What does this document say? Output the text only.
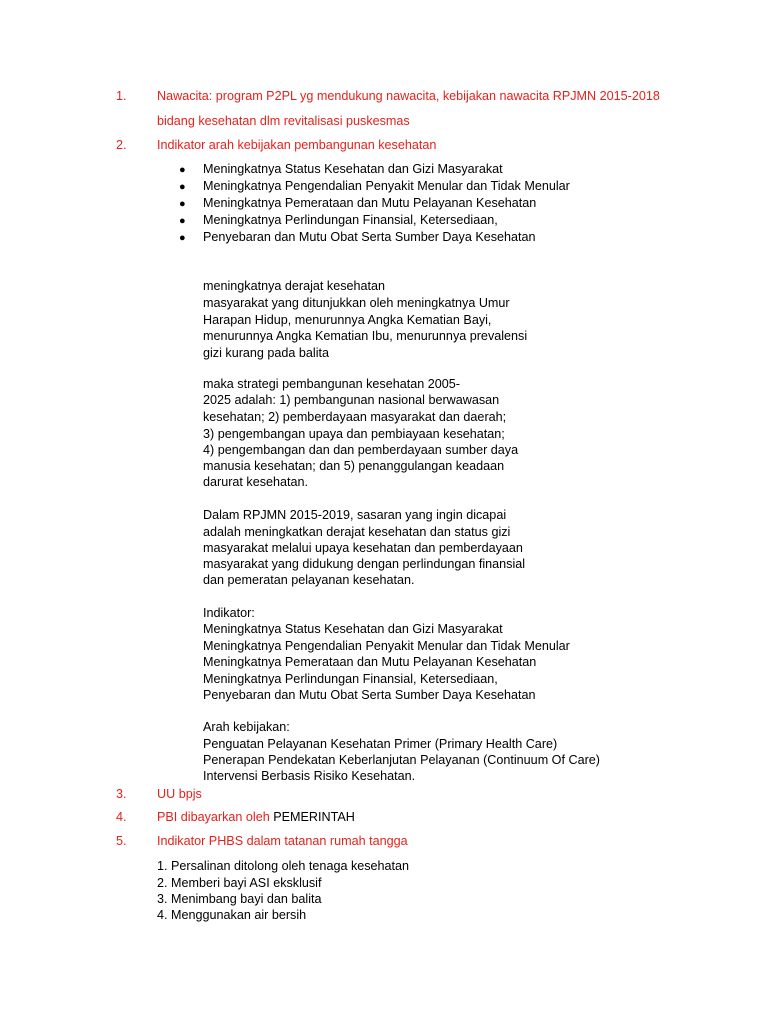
1. Nawacita: program P2PL yg mendukung nawacita, kebijakan nawacita RPJMN 2015-2018
bidang kesehatan dlm revitalisasi puskesmas
2. Indikator arah kebijakan pembangunan kesehatan
● Meningkatnya Status Kesehatan dan Gizi Masyarakat
● Meningkatnya Pengendalian Penyakit Menular dan Tidak Menular
● Meningkatnya Pemerataan dan Mutu Pelayanan Kesehatan
● Meningkatnya Perlindungan Finansial, Ketersediaan,
● Penyebaran dan Mutu Obat Serta Sumber Daya Kesehatan
meningkatnya derajat kesehatan
masyarakat yang ditunjukkan oleh meningkatnya Umur
Harapan Hidup, menurunnya Angka Kematian Bayi,
menurunnya Angka Kematian Ibu, menurunnya prevalensi
gizi kurang pada balita
maka strategi pembangunan kesehatan 2005-
2025 adalah: 1) pembangunan nasional berwawasan
kesehatan; 2) pemberdayaan masyarakat dan daerah;
3) pengembangan upaya dan pembiayaan kesehatan;
4) pengembangan dan dan pemberdayaan sumber daya
manusia kesehatan; dan 5) penanggulangan keadaan
darurat kesehatan.
Dalam RPJMN 2015-2019, sasaran yang ingin dicapai
adalah meningkatkan derajat kesehatan dan status gizi
masyarakat melalui upaya kesehatan dan pemberdayaan
masyarakat yang didukung dengan perlindungan finansial
dan pemeratan pelayanan kesehatan.
Indikator:
Meningkatnya Status Kesehatan dan Gizi Masyarakat
Meningkatnya Pengendalian Penyakit Menular dan Tidak Menular
Meningkatnya Pemerataan dan Mutu Pelayanan Kesehatan
Meningkatnya Perlindungan Finansial, Ketersediaan,
Penyebaran dan Mutu Obat Serta Sumber Daya Kesehatan
Arah kebijakan:
Penguatan Pelayanan Kesehatan Primer (Primary Health Care)
Penerapan Pendekatan Keberlanjutan Pelayanan (Continuum Of Care)
Intervensi Berbasis Risiko Kesehatan.
3. UU bpjs
4. PBI dibayarkan oleh PEMERINTAH
5. Indikator PHBS dalam tatanan rumah tangga
1. Persalinan ditolong oleh tenaga kesehatan
2. Memberi bayi ASI eksklusif
3. Menimbang bayi dan balita
4. Menggunakan air bersih
